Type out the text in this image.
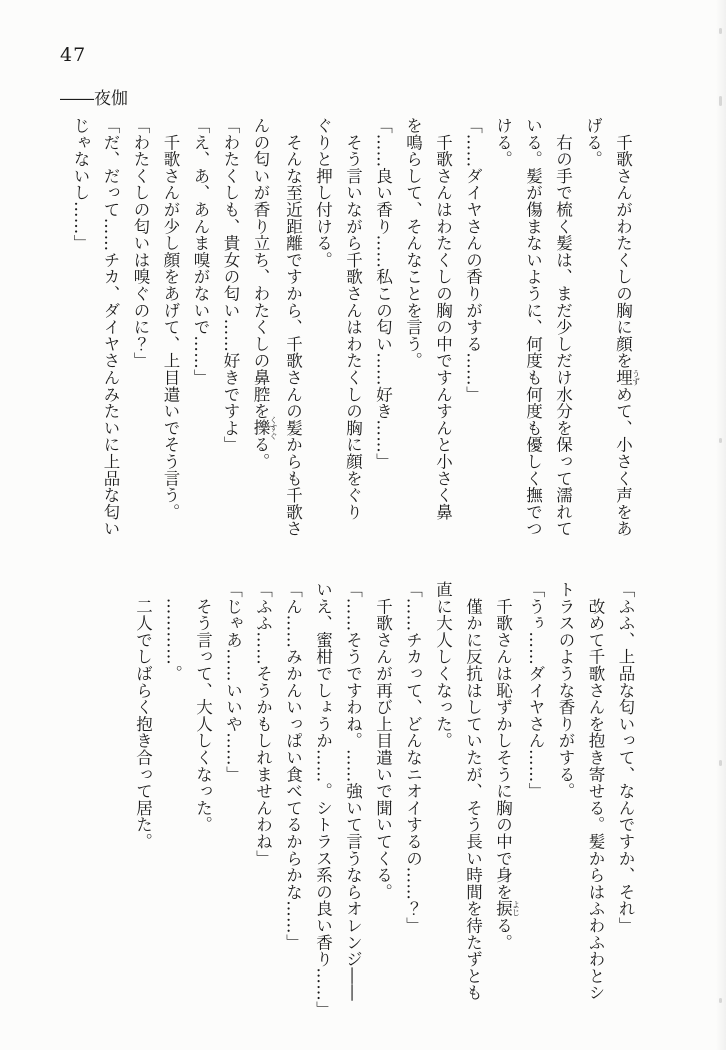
47
――夜伽

　千歌さんがわたくしの胸に顔を埋 うずめて、小さく声をあ

げる。

　右の手で梳く髪は、まだ少しだけ水分を保って濡れて

いる。髪が傷まないように、何度も何度も優しく撫でつ

ける。

「……ダイヤさんの香りがする……」

　千歌さんはわたくしの胸の中ですんすんと小さく鼻

を鳴らして、そんなことを言う。

「……良い香り……私この匂い……好き……」

　そう言いながら千歌さんはわたくしの胸に顔をぐり

ぐりと押し付ける。

　そんな至近距離ですから、千歌さんの髪からも千歌さ

んの匂いが香り立ち、わたくしの鼻腔を擽 くすぐる。

「わたくしも、貴女の匂い……好きですよ」

「え、あ、あんま嗅がないで……」

　千歌さんが少し顔をあげて、上目遣いでそう言う。

「わたくしの匂いは嗅ぐのに？」

「だ、だって……チカ、ダイヤさんみたいに上品な匂い

じゃないし……」

「ふふ、上品な匂いって、なんですか、それ」

　改めて千歌さんを抱き寄せる。髪からはふわふわとシ

トラスのような香りがする。

「うぅ……ダイヤさん……」

　千歌さんは恥ずかしそうに胸の中で身を捩 よじる。

　僅かに反抗はしていたが、そう長い時間を待たずとも

直に大人しくなった。

「……チカって、どんなニオイするの……？」

　千歌さんが再び上目遣いで聞いてくる。

「……そうですわね。……強いて言うならオレンジ――

いえ、蜜柑でしょうか……。シトラス系の良い香り……」

「ん……みかんいっぱい食べてるからかな……」

「ふふ……そうかもしれませんわね」

「じゃあ……いいや……」

　そう言って、大人しくなった。

　…………。

　二人でしばらく抱き合って居た。
